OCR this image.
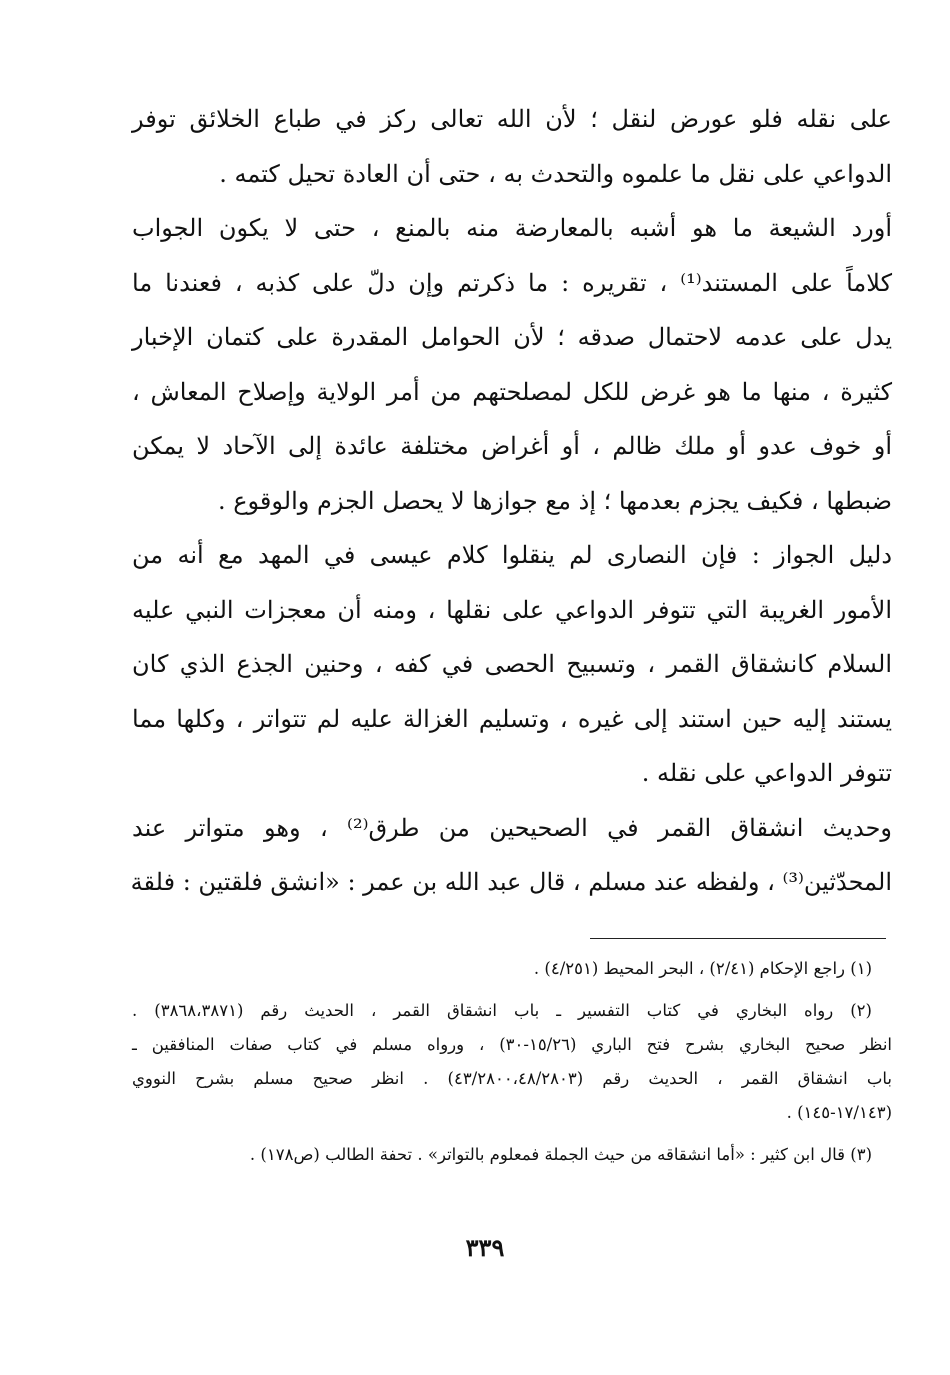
على نقله فلو عورض لنقل ؛ لأن الله تعالى ركز في طباع الخلائق توفر
الدواعي على نقل ما علموه والتحدث به ، حتى أن العادة تحيل كتمه .
أورد الشيعة ما هو أشبه بالمعارضة منه بالمنع ، حتى لا يكون الجواب
كلاماً على المستند⁽¹⁾ ، تقريره : ما ذكرتم وإن دلّ على كذبه ، فعندنا ما
يدل على عدمه لاحتمال صدقه ؛ لأن الحوامل المقدرة على كتمان الإخبار
كثيرة ، منها ما هو غرض للكل لمصلحتهم من أمر الولاية وإصلاح المعاش ،
أو خوف عدو أو ملك ظالم ، أو أغراض مختلفة عائدة إلى الآحاد لا يمكن
ضبطها ، فكيف يجزم بعدمها ؛ إذ مع جوازها لا يحصل الجزم والوقوع .
دليل الجواز : فإن النصارى لم ينقلوا كلام عيسى في المهد مع أنه من
الأمور الغريبة التي تتوفر الدواعي على نقلها ، ومنه أن معجزات النبي عليه
السلام كانشقاق القمر ، وتسبيح الحصى في كفه ، وحنين الجذع الذي كان
يستند إليه حين استند إلى غيره ، وتسليم الغزالة عليه لم تتواتر ، وكلها مما
تتوفر الدواعي على نقله .
وحديث انشقاق القمر في الصحيحين من طرق⁽²⁾ ، وهو متواتر عند
المحدّثين⁽³⁾ ، ولفظه عند مسلم ، قال عبد الله بن عمر : «انشق فلقتين : فلقة
(١) راجع الإحكام (٢/٤١) ، البحر المحيط (٤/٢٥١) .
(٢) رواه البخاري في كتاب التفسير ـ باب انشقاق القمر ، الحديث رقم (٣٨٦٨،٣٨٧١) .
انظر صحيح البخاري بشرح فتح الباري (١٥/٢٦-٣٠) ، ورواه مسلم في كتاب صفات المنافقين ـ
باب انشقاق القمر ، الحديث رقم (٤٣/٢٨٠٠،٤٨/٢٨٠٣) . انظر صحيح مسلم بشرح النووي
(١٧/١٤٣-١٤٥) .
(٣) قال ابن كثير : «أما انشقاقه من حيث الجملة فمعلوم بالتواتر» . تحفة الطالب (ص١٧٨) .
٣٣٩
